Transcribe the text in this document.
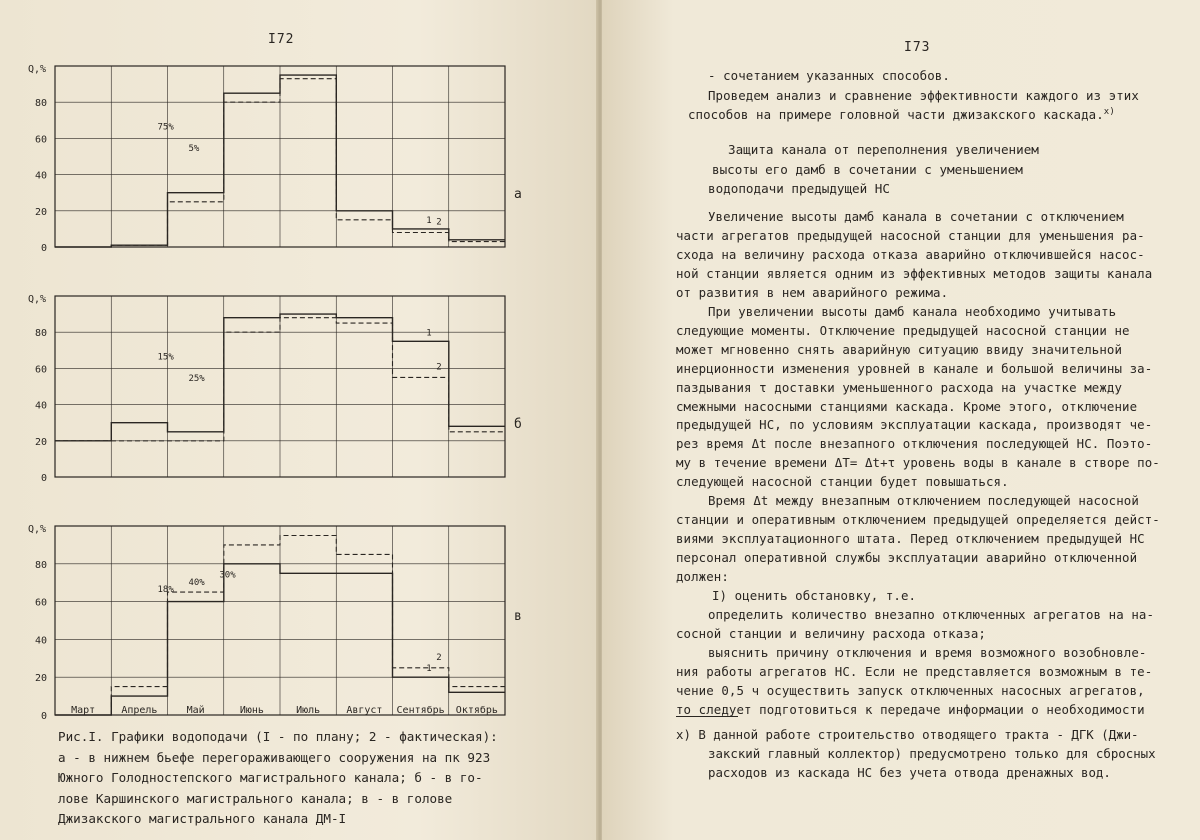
I72
0
20
40
60
80
Q,%
а
1 2
75%
5%
0
20
40
60
80
Q,%
б
1
2
15%
25%
0
20
40
60
80
Q,%
в
1
2
18%
40%
30%
Март	Апрель	Май	Июнь	Июль	Август Сентябрь Октябрь
Рис.I. Графики водоподачи (I - по плану; 2 - фактическая):
а - в нижнем бьефе перегораживающего сооружения на пк 923
Южного Голодностепского магистрального канала; б - в го-
лове Каршинского магистрального канала; в - в голове
Джизакского магистрального канала ДМ-I
I73
- сочетанием указанных способов.
Проведем анализ и сравнение эффективности каждого из этих
способов на примере головной части джизакского каскада.$^{x)}$
Защита канала от переполнения увеличением
высоты его дамб в сочетании с уменьшением
водоподачи предыдущей НС
Увеличение высоты дамб канала в сочетании с отключением
части агрегатов предыдущей насосной станции для уменьшения ра-
схода на величину расхода отказа аварийно отключившейся насос-
ной станции является одним из эффективных методов защиты канала
от развития в нем аварийного режима.
При увеличении высоты дамб канала необходимо учитывать
следующие моменты. Отключение предыдущей насосной станции не
может мгновенно снять аварийную ситуацию ввиду значительной
инерционности изменения уровней в канале и большой величины за-
паздывания τ доставки уменьшенного расхода на участке между
смежными насосными станциями каскада. Кроме этого, отключение
предыдущей НС, по условиям эксплуатации каскада, производят че-
рез время Δt после внезапного отключения последующей НС. Поэто-
му в течение времени ΔT= Δt+τ уровень воды в канале в створе по-
следующей насосной станции будет повышаться.
Время Δt между внезапным отключением последующей насосной
станции и оперативным отключением предыдущей определяется дейст-
виями эксплуатационного штата. Перед отключением предыдущей НС
персонал оперативной службы эксплуатации аварийно отключенной
должен:
I) оценить обстановку, т.е.
определить количество внезапно отключенных агрегатов на на-
сосной станции и величину расхода отказа;
выяснить причину отключения и время возможного возобновле-
ния работы агрегатов НС. Если не представляется возможным в те-
чение 0,5 ч осуществить запуск отключенных насосных агрегатов,
то следует подготовиться к передаче информации о необходимости
x) В данной работе строительство отводящего тракта - ДГК (Джи-
закский главный коллектор) предусмотрено только для сбросных
расходов из каскада НС без учета отвода дренажных вод.
